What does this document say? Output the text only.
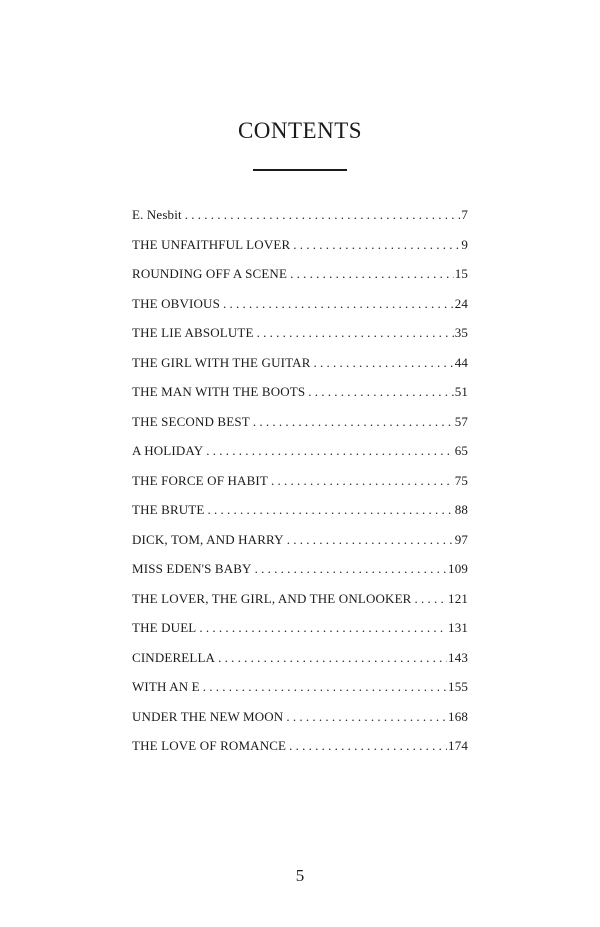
CONTENTS
E. Nesbit . . .	7
THE UNFAITHFUL LOVER . . .	9
ROUNDING OFF A SCENE . . .	15
THE OBVIOUS . . .	24
THE LIE ABSOLUTE . . .	35
THE GIRL WITH THE GUITAR . . .	44
THE MAN WITH THE BOOTS . . .	51
THE SECOND BEST . . .	57
A HOLIDAY . . .	65
THE FORCE OF HABIT . . .	75
THE BRUTE . . .	88
DICK, TOM, AND HARRY . . .	97
MISS EDEN'S BABY . . .	109
THE LOVER, THE GIRL, AND THE ONLOOKER . . .	121
THE DUEL . . .	131
CINDERELLA . . .	143
WITH AN E . . .	155
UNDER THE NEW MOON . . .	168
THE LOVE OF ROMANCE . . .	174
5
